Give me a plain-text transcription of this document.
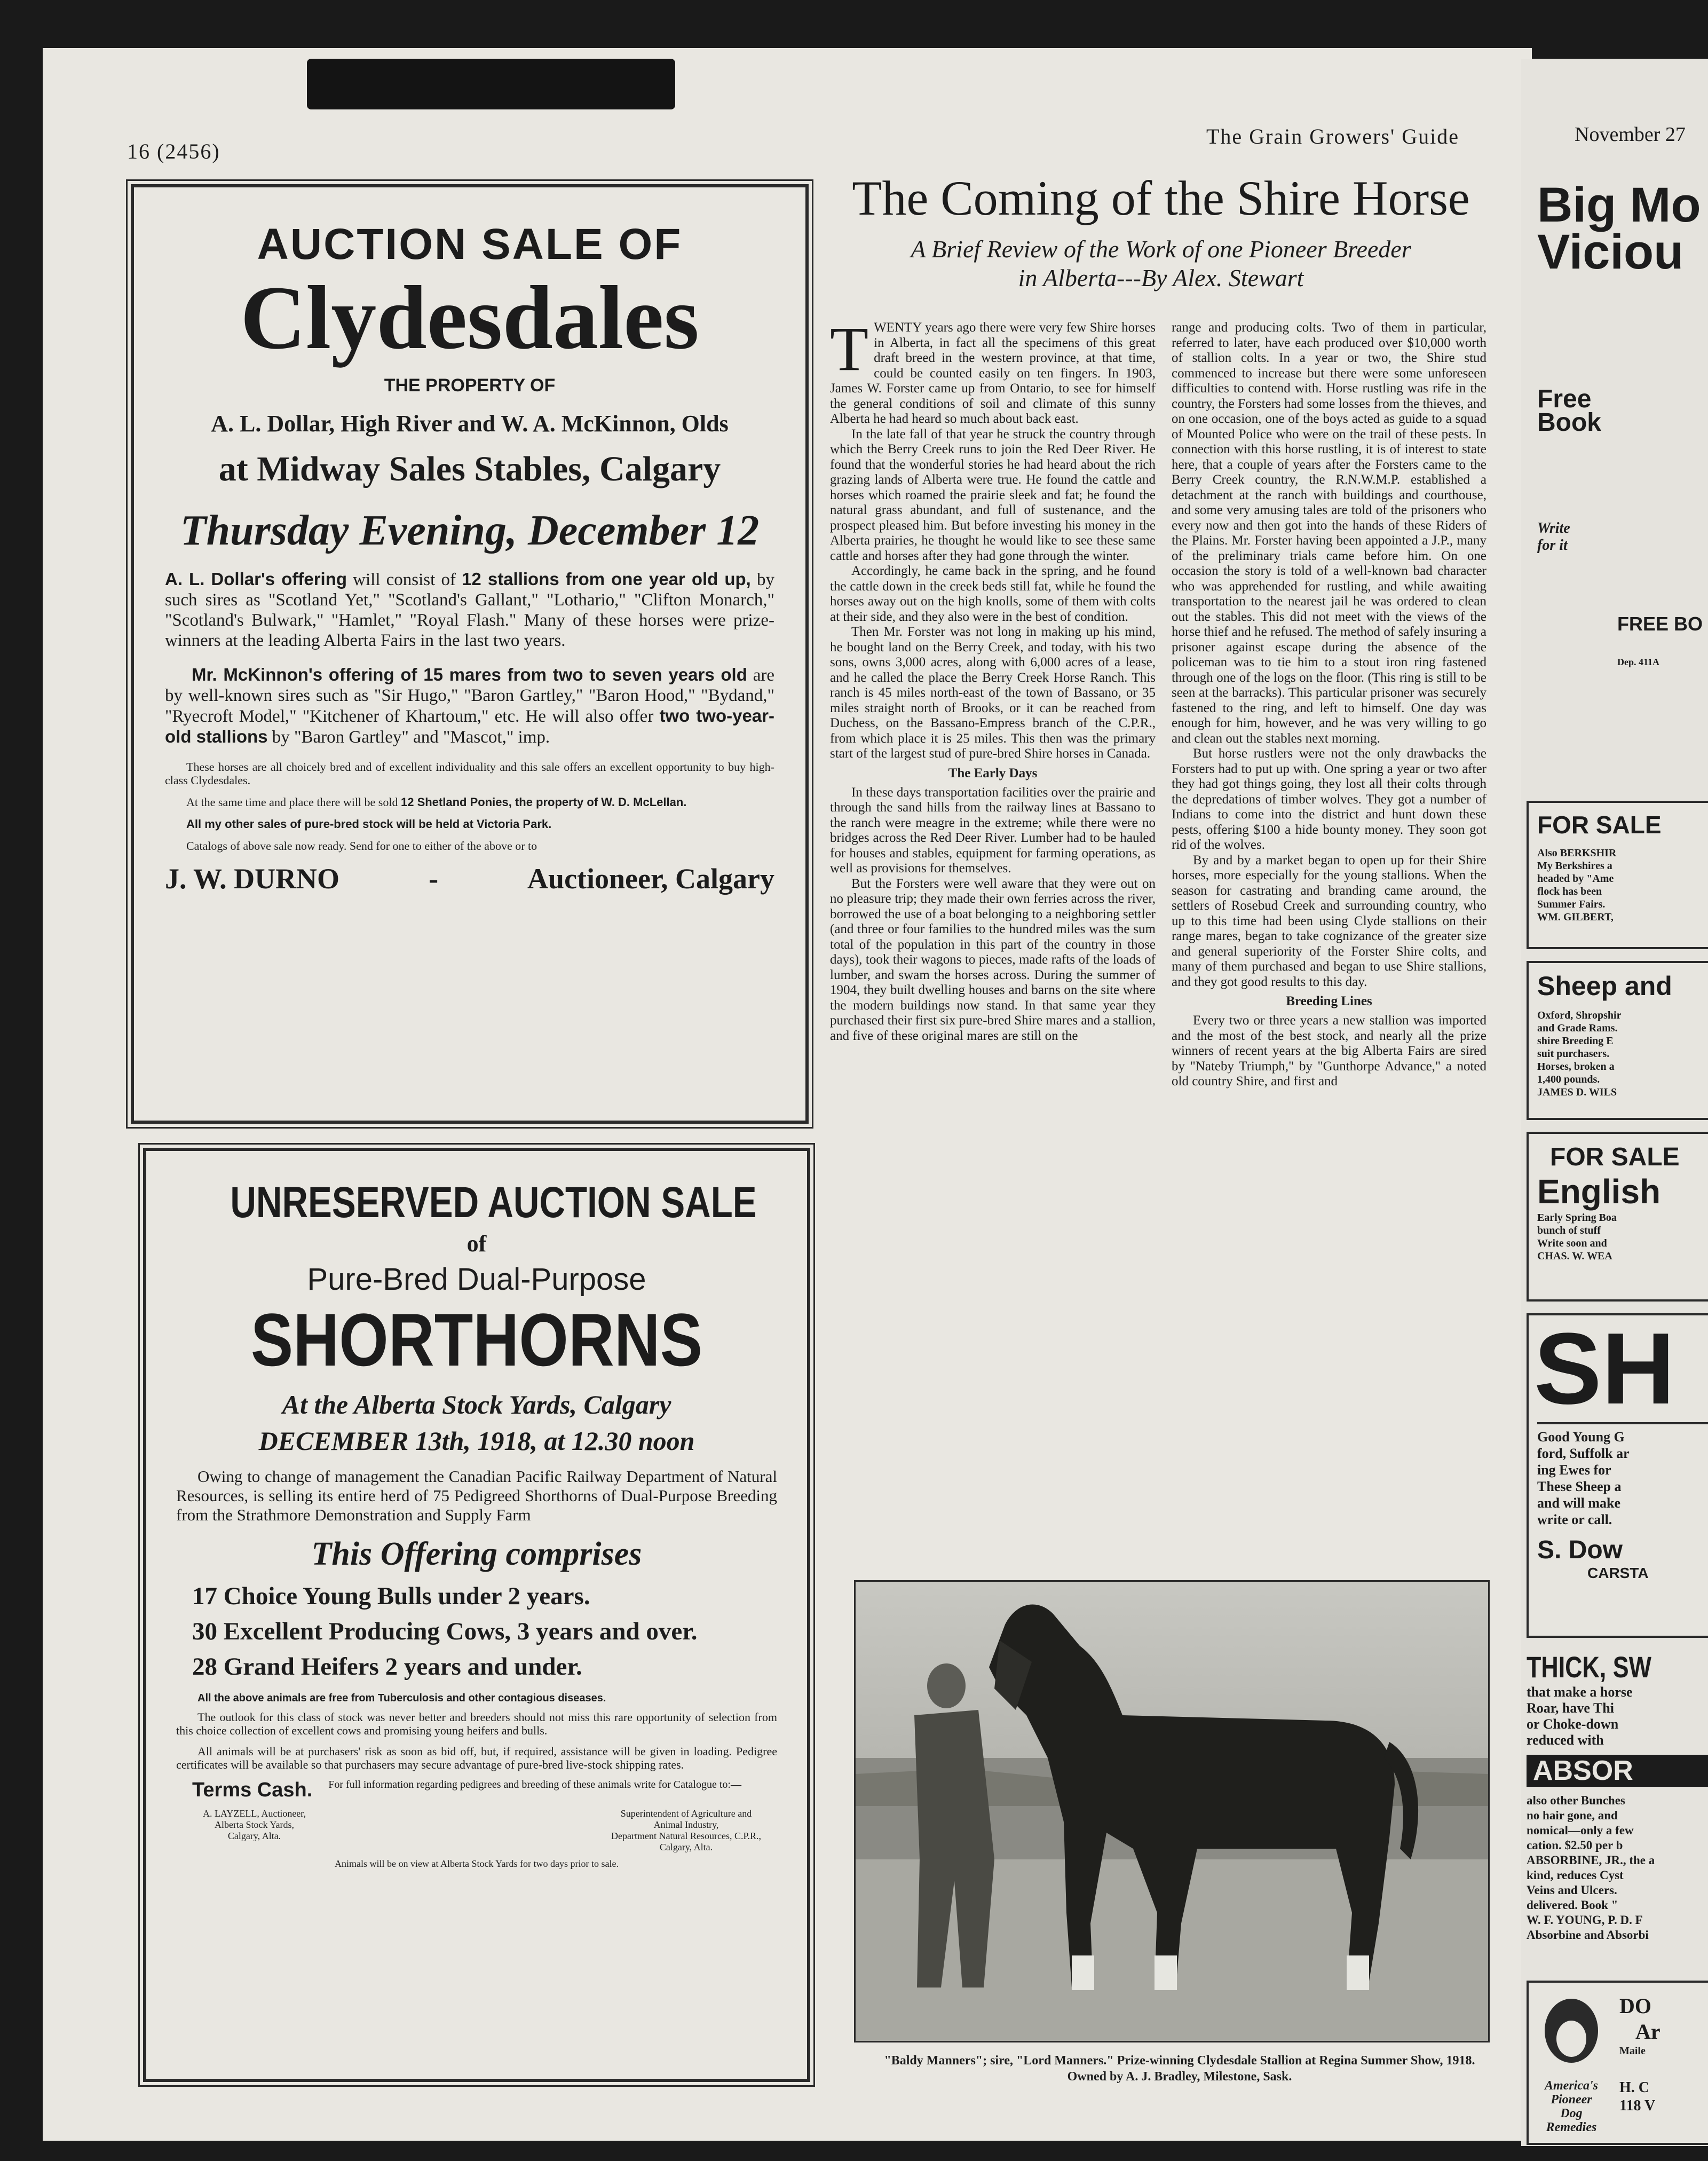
16 (2456)
The Grain Growers' Guide
AUCTION SALE OF
Clydesdales
THE PROPERTY OF
A. L. Dollar, High River and W. A. McKinnon, Olds
at Midway Sales Stables, Calgary
Thursday Evening, December 12

A. L. Dollar's offering will consist of 12 stallions from one year old up, by such sires as "Scotland Yet," "Scotland's Gallant," "Lothario," "Clifton Monarch," "Scotland's Bulwark," "Hamlet," "Royal Flash." Many of these horses were prize-winners at the leading Alberta Fairs in the last two years.

Mr. McKinnon's offering of 15 mares from two to seven years old are by well-known sires such as "Sir Hugo," "Baron Gartley," "Baron Hood," "Bydand," "Ryecroft Model," "Kitchener of Khartoum," etc. He will also offer two two-year-old stallions by "Baron Gartley" and "Mascot," imp.

These horses are all choicely bred and of excellent individuality and this sale offers an excellent opportunity to buy high-class Clydesdales.

At the same time and place there will be sold 12 Shetland Ponies, the property of W. D. McLellan.

All my other sales of pure-bred stock will be held at Victoria Park.

Catalogs of above sale now ready. Send for one to either of the above or to

J. W. DURNO	-	Auctioneer, Calgary
UNRESERVED AUCTION SALE
of
Pure-Bred Dual-Purpose
SHORTHORNS
At the Alberta Stock Yards, Calgary
DECEMBER 13th, 1918, at 12.30 noon

Owing to change of management the Canadian Pacific Railway Department of Natural Resources, is selling its entire herd of 75 Pedigreed Shorthorns of Dual-Purpose Breeding from the Strathmore Demonstration and Supply Farm

This Offering comprises
17 Choice Young Bulls under 2 years.
30 Excellent Producing Cows, 3 years and over.
28 Grand Heifers 2 years and under.

All the above animals are free from Tuberculosis and other contagious diseases.

The outlook for this class of stock was never better and breeders should not miss this rare opportunity of selection from this choice collection of excellent cows and promising young heifers and bulls.

All animals will be at purchasers' risk as soon as bid off, but, if required, assistance will be given in loading. Pedigree certificates will be available so that purchasers may secure advantage of pure-bred live-stock shipping rates.

Terms Cash. For full information regarding pedigrees and breeding of these animals write for Catalogue to:—
A. LAYZELL, Auctioneer,
Alberta Stock Yards,
Calgary, Alta.
Superintendent of Agriculture and
Animal Industry,
Department Natural Resources, C.P.R.,
Calgary, Alta.
Animals will be on view at Alberta Stock Yards for two days prior to sale.
The Coming of the Shire Horse
A Brief Review of the Work of one Pioneer Breeder
in Alberta---By Alex. Stewart

TWENTY years ago there were very few Shire horses in Alberta, in fact all the specimens of this great draft breed in the western province, at that time, could be counted easily on ten fingers. In 1903, James W. Forster came up from Ontario, to see for himself the general conditions of soil and climate of this sunny Alberta he had heard so much about back east.

In the late fall of that year he struck the country through which the Berry Creek runs to join the Red Deer River. He found that the wonderful stories he had heard about the rich grazing lands of Alberta were true. He found the cattle and horses which roamed the prairie sleek and fat; he found the natural grass abundant, and full of sustenance, and the prospect pleased him. But before investing his money in the Alberta prairies, he thought he would like to see these same cattle and horses after they had gone through the winter.

Accordingly, he came back in the spring, and he found the cattle down in the creek beds still fat, while he found the horses away out on the high knolls, some of them with colts at their side, and they also were in the best of condition.

Then Mr. Forster was not long in making up his mind, he bought land on the Berry Creek, and today, with his two sons, owns 3,000 acres, along with 6,000 acres of a lease, and he called the place the Berry Creek Horse Ranch. This ranch is 45 miles north-east of the town of Bassano, or 35 miles straight north of Brooks, or it can be reached from Duchess, on the Bassano-Empress branch of the C.P.R., from which place it is 25 miles. This then was the primary start of the largest stud of pure-bred Shire horses in Canada.

The Early Days

In these days transportation facilities over the prairie and through the sand hills from the railway lines at Bassano to the ranch were meagre in the extreme; while there were no bridges across the Red Deer River. Lumber had to be hauled for houses and stables, equipment for farming operations, as well as provisions for themselves.

But the Forsters were well aware that they were out on no pleasure trip; they made their own ferries across the river, borrowed the use of a boat belonging to a neighboring settler (and three or four families to the hundred miles was the sum total of the population in this part of the country in those days), took their wagons to pieces, made rafts of the loads of lumber, and swam the horses across. During the summer of 1904, they built dwelling houses and barns on the site where the modern buildings now stand. In that same year they purchased their first six pure-bred Shire mares and a stallion, and five of these original mares are still on the

range and producing colts. Two of them in particular, referred to later, have each produced over $10,000 worth of stallion colts. In a year or two, the Shire stud commenced to increase but there were some unforeseen difficulties to contend with. Horse rustling was rife in the country, the Forsters had some losses from the thieves, and on one occasion, one of the boys acted as guide to a squad of Mounted Police who were on the trail of these pests. In connection with this horse rustling, it is of interest to state here, that a couple of years after the Forsters came to the Berry Creek country, the R.N.W.M.P. established a detachment at the ranch with buildings and courthouse, and some very amusing tales are told of the prisoners who every now and then got into the hands of these Riders of the Plains. Mr. Forster having been appointed a J.P., many of the preliminary trials came before him. On one occasion the story is told of a well-known bad character who was apprehended for rustling, and while awaiting transportation to the nearest jail he was ordered to clean out the stables. This did not meet with the views of the horse thief and he refused. The method of safely insuring a prisoner against escape during the absence of the policeman was to tie him to a stout iron ring fastened through one of the logs on the floor. (This ring is still to be seen at the barracks). This particular prisoner was securely fastened to the ring, and left to himself. One day was enough for him, however, and he was very willing to go and clean out the stables next morning.

But horse rustlers were not the only drawbacks the Forsters had to put up with. One spring a year or two after they had got things going, they lost all their colts through the depredations of timber wolves. They got a number of Indians to come into the district and hunt down these pests, offering $100 a hide bounty money. They soon got rid of the wolves.

By and by a market began to open up for their Shire horses, more especially for the young stallions. When the season for castrating and branding came around, the settlers of Rosebud Creek and surrounding country, who up to this time had been using Clyde stallions on their range mares, began to take cognizance of the greater size and general superiority of the Forster Shire colts, and many of them purchased and began to use Shire stallions, and they got good results to this day.

Breeding Lines

Every two or three years a new stallion was imported and the most of the best stock, and nearly all the prize winners of recent years at the big Alberta Fairs are sired by "Nateby Triumph," by "Gunthorpe Advance," a noted old country Shire, and first and

"Baldy Manners"; sire, "Lord Manners." Prize-winning Clydesdale Stallion at Regina Summer Show, 1918. Owned by A. J. Bradley, Milestone, Sask.
November 27
Big Mo
Viciou
Free
Book
Write
for it
FREE BO
Dep. 411A
FOR SALE
Also BERKSHIR
My Berkshires a
headed by "Ame
flock has been
Summer Fairs.
WM. GILBERT,
Sheep and
Oxford, Shropshir
and Grade Rams.
shire Breeding E
suit purchasers.
Horses, broken a
1,400 pounds.
JAMES D. WILS
FOR SALE
English
Early Spring Boa
bunch of stuff
Write soon and
CHAS. W. WEA
SH
Good Young G
ford, Suffolk ar
ing Ewes for
These Sheep a
and will make
write or call.
S. Dow
CARSTA
THICK, SW
that make a horse
Roar, have Thi
or Choke-down
reduced with
ABSOR
also other Bunches
no hair gone, and
nomical—only a few
cation. $2.50 per b
ABSORBINE, JR., the a
kind, reduces Cyst
Veins and Ulcers.
delivered. Book "
W. F. YOUNG, P. D. F
Absorbine and Absorbi
America's
Pioneer
Dog Remedies
DO
Ar
Maile
H. C
118 V
